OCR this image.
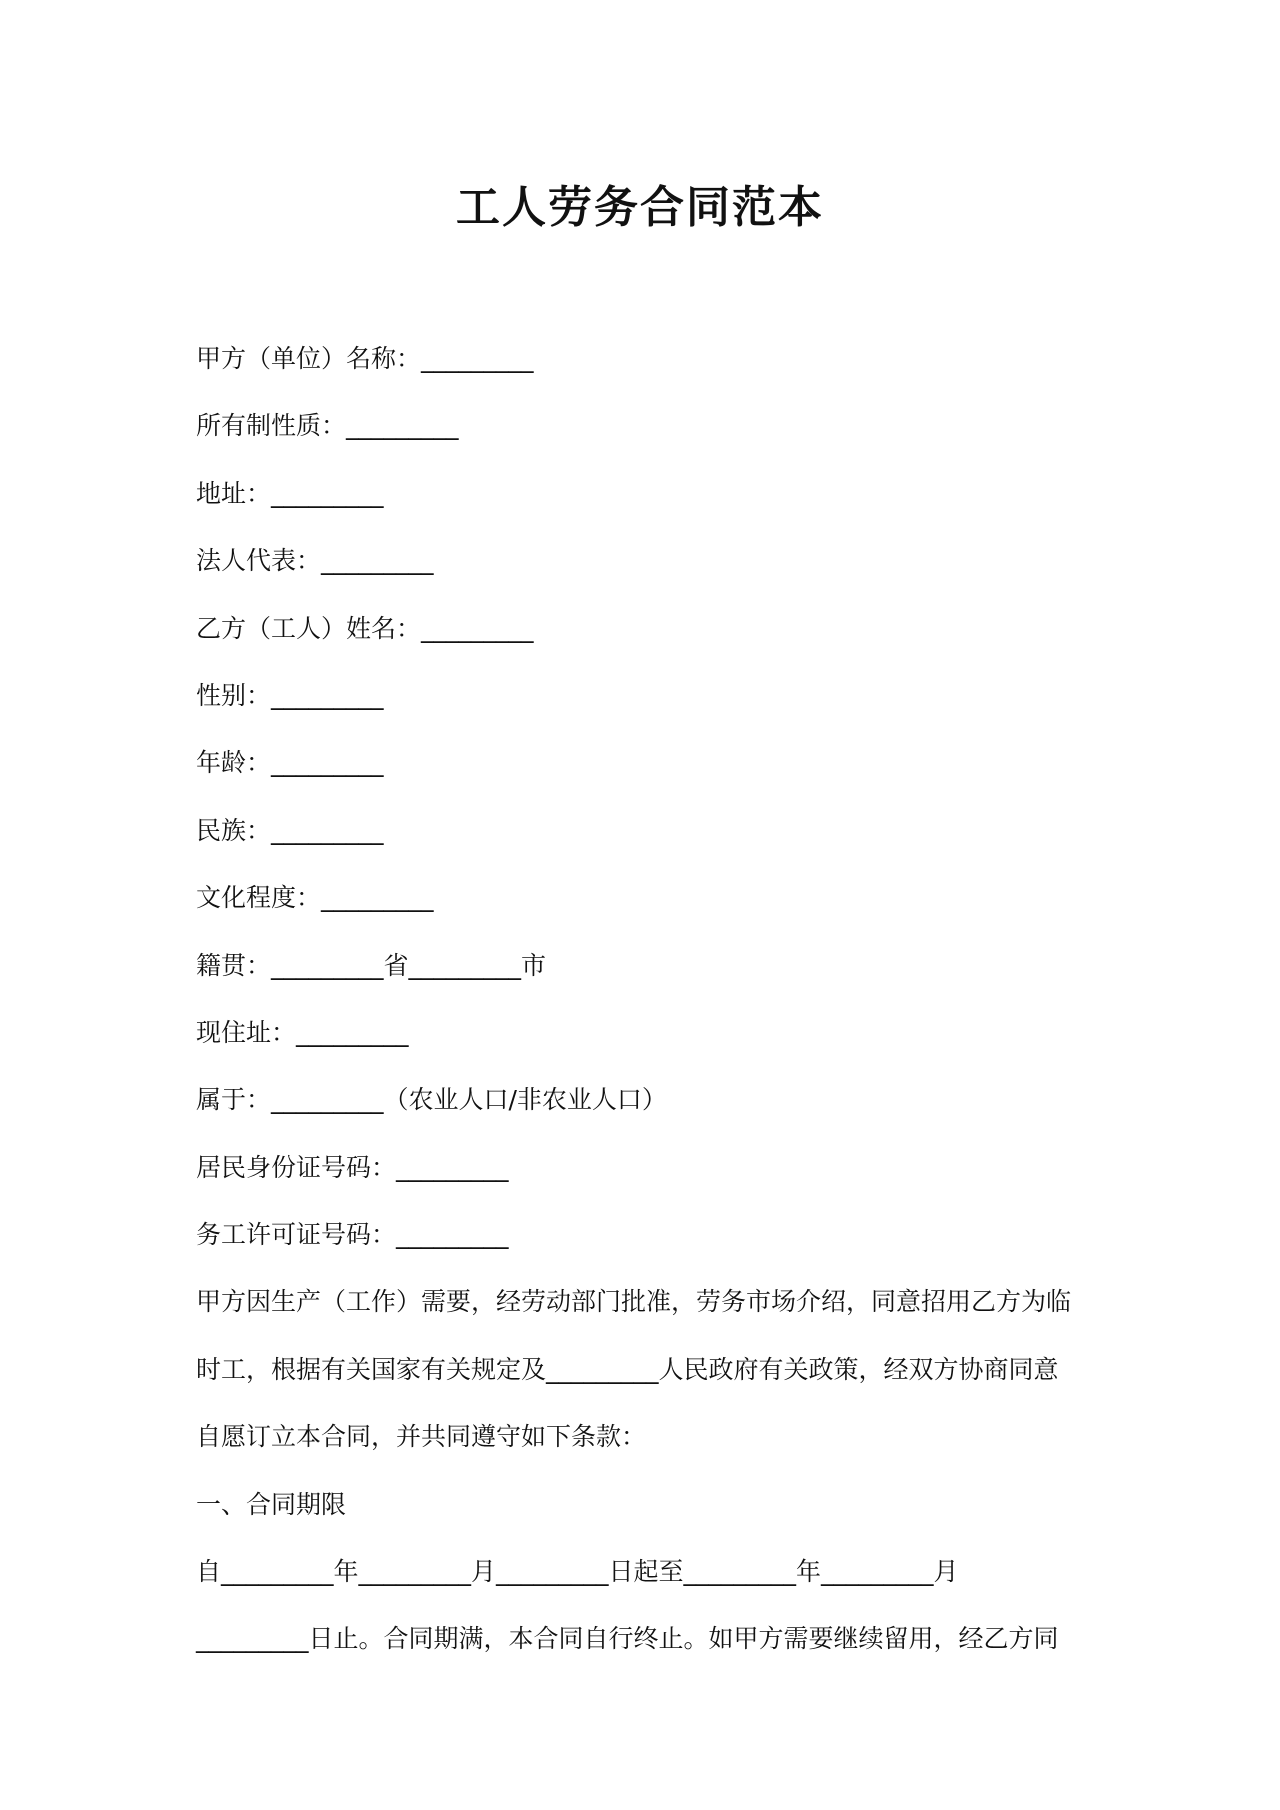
工人劳务合同范本

甲方（单位）名称：_________

所有制性质：_________

地址：_________

法人代表：_________

乙方（工人）姓名：_________

性别：_________

年龄：_________

民族：_________

文化程度：_________

籍贯：_________省_________市

现住址：_________

属于：_________（农业人口/非农业人口）

居民身份证号码：_________

务工许可证号码：_________

甲方因生产（工作）需要，经劳动部门批准，劳务市场介绍，同意招用乙方为临

时工，根据有关国家有关规定及_________人民政府有关政策，经双方协商同意

自愿订立本合同，并共同遵守如下条款：

一、合同期限

自_________年_________月_________日起至_________年_________月

_________日止。合同期满，本合同自行终止。如甲方需要继续留用，经乙方同
